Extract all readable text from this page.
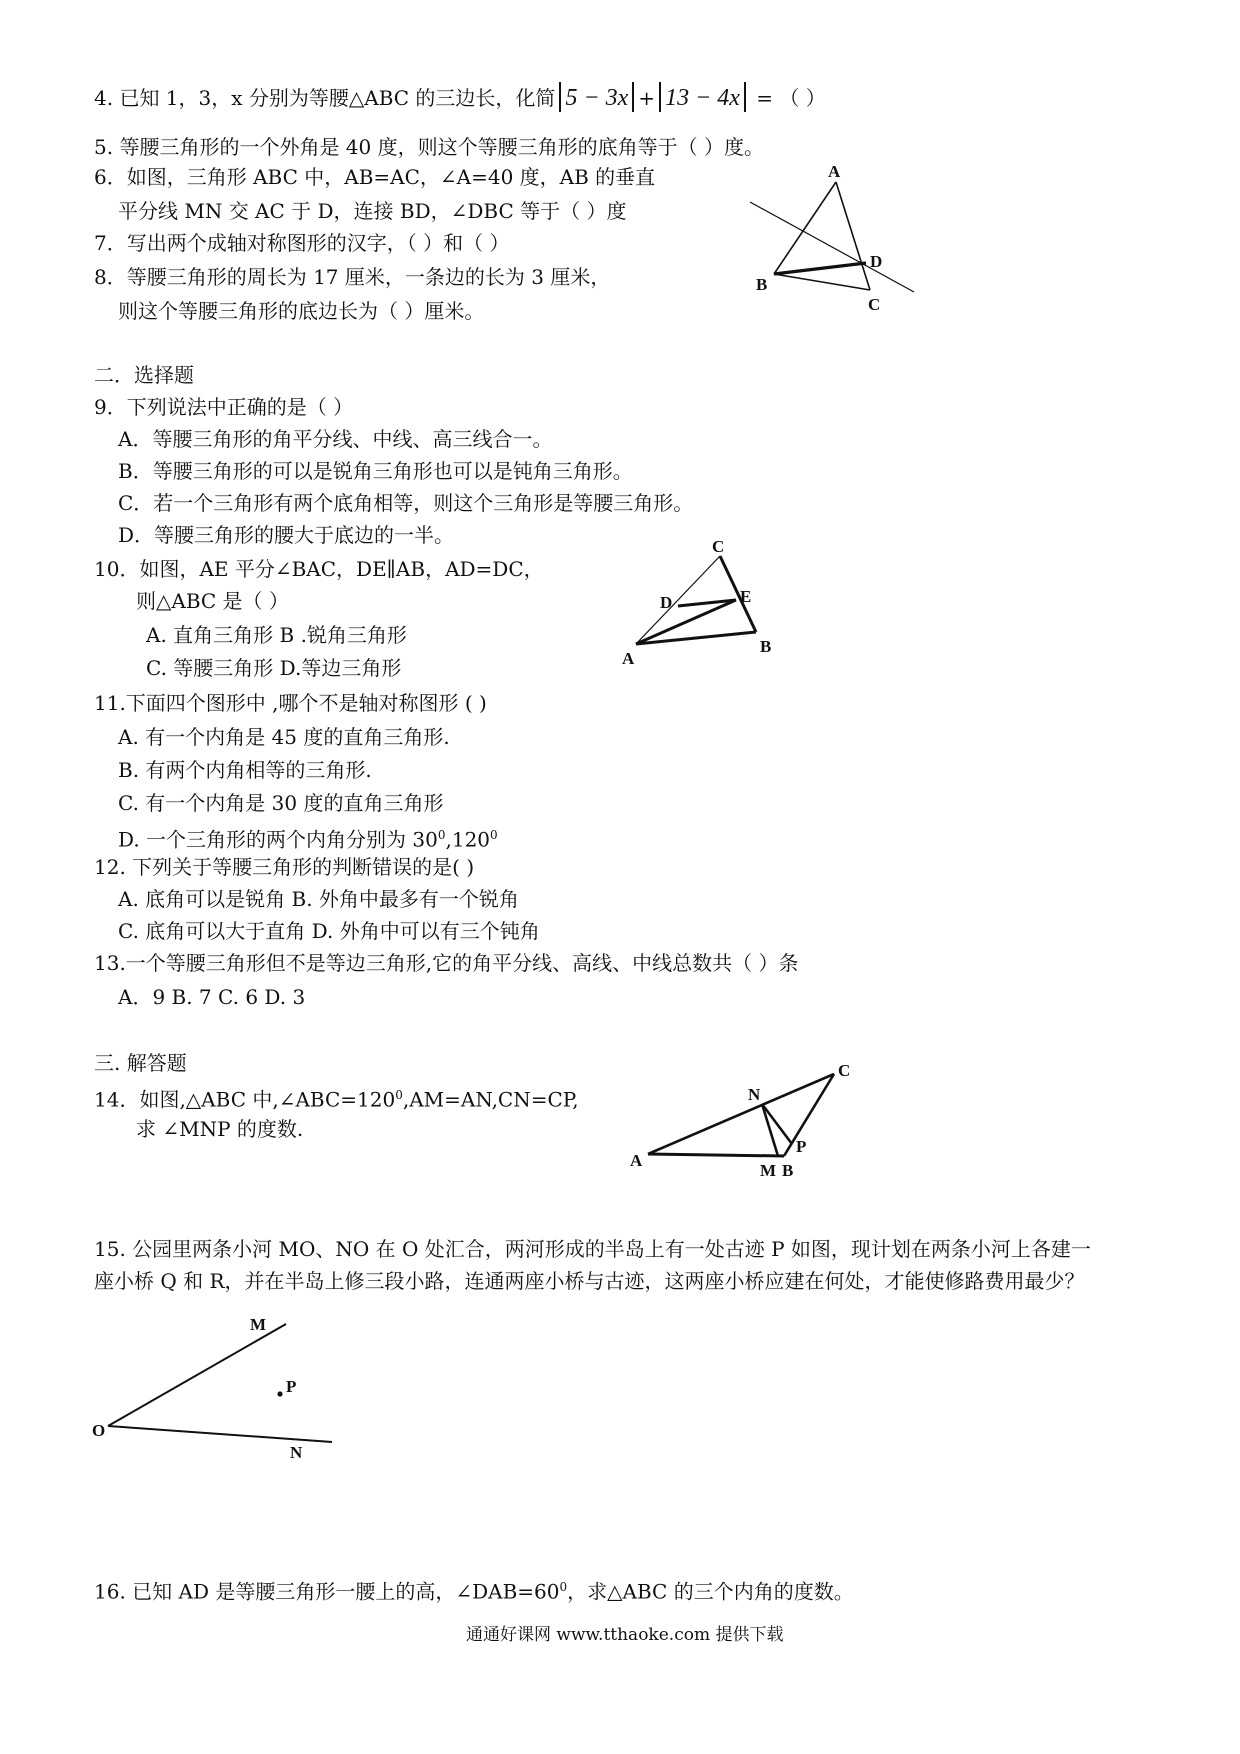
4. 已知 1，3，x 分别为等腰△ABC 的三边长，化简 5 − 3x + 13 − 4x = （ ）
5. 等腰三角形的一个外角是 40 度，则这个等腰三角形的底角等于（ ）度。
6．如图，三角形 ABC 中，AB=AC，∠A=40 度，AB 的垂直
平分线 MN 交 AC 于 D，连接 BD，∠DBC 等于（ ）度
7．写出两个成轴对称图形的汉字，（ ）和（ ）
8．等腰三角形的周长为 17 厘米，一条边的长为 3 厘米，
则这个等腰三角形的底边长为（ ）厘米。
A
B
C
D
二．选择题
9．下列说法中正确的是（ ）
A．等腰三角形的角平分线、中线、高三线合一。
B．等腰三角形的可以是锐角三角形也可以是钝角三角形。
C．若一个三角形有两个底角相等，则这个三角形是等腰三角形。
D．等腰三角形的腰大于底边的一半。
10．如图，AE 平分∠BAC，DE∥AB，AD=DC，
则△ABC 是（ ）
A. 直角三角形 B .锐角三角形
C. 等腰三角形 D.等边三角形	A
B
C
D	E
11.下面四个图形中 ,哪个不是轴对称图形 ( )
A. 有一个内角是 45 度的直角三角形.
B. 有两个内角相等的三角形.
C. 有一个内角是 30 度的直角三角形
D. 一个三角形的两个内角分别为 $30^0,120^0$
12. 下列关于等腰三角形的判断错误的是( )
A. 底角可以是锐角 B. 外角中最多有一个锐角
C. 底角可以大于直角 D. 外角中可以有三个钝角
13.一个等腰三角形但不是等边三角形,它的角平分线、高线、中线总数共（ ）条
A．9 B. 7 C. 6 D. 3
三. 解答题
14．如图,△ABC 中$,\angle ABC=120^0,AM=AN,CN=CP$,
求 ∠MNP 的度数.
A
B
C
M
N
P
15. 公园里两条小河 MO、NO 在 O 处汇合，两河形成的半岛上有一处古迹 P 如图，现计划在两条小河上各建一
座小桥 Q 和 R，并在半岛上修三段小路，连通两座小桥与古迹，这两座小桥应建在何处，才能使修路费用最少？
O
M
N
P
16. 已知 AD 是等腰三角形一腰上的高，$\angle DAB=60^0$，求△ABC 的三个内角的度数。
通通好课网 www.tthaoke.com 提供下载
